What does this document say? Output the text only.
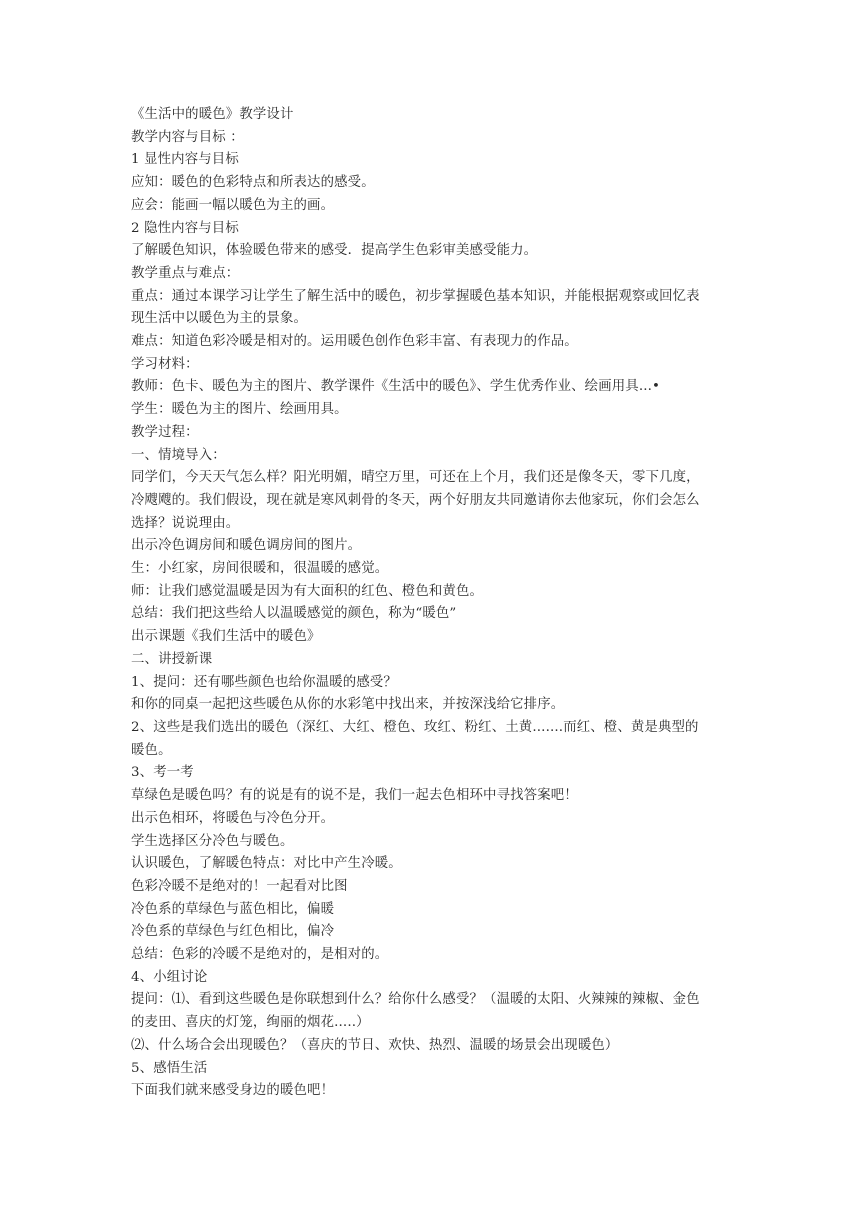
《生活中的暖色》教学设计
教学内容与目标 ：
1 显性内容与目标
应知：暖色的色彩特点和所表达的感受。
应会：能画一幅以暖色为主的画。
2 隐性内容与目标
了解暖色知识，体验暖色带来的感受．提高学生色彩审美感受能力。
教学重点与难点：
重点：通过本课学习让学生了解生活中的暖色，初步掌握暖色基本知识，并能根据观察或回忆表
现生活中以暖色为主的景象。
难点：知道色彩冷暖是相对的。运用暖色创作色彩丰富、有表现力的作品。
学习材料：
教师：色卡、暖色为主的图片、教学课件《生活中的暖色》、学生优秀作业、绘画用具...•
学生：暖色为主的图片、绘画用具。
教学过程：
一、情境导入：
同学们，今天天气怎么样？阳光明媚，晴空万里，可还在上个月，我们还是像冬天，零下几度，
冷飕飕的。我们假设，现在就是寒风刺骨的冬天，两个好朋友共同邀请你去他家玩，你们会怎么
选择？说说理由。
出示冷色调房间和暖色调房间的图片。
生：小红家，房间很暖和，很温暖的感觉。
师：让我们感觉温暖是因为有大面积的红色、橙色和黄色。
总结：我们把这些给人以温暖感觉的颜色，称为“暖色”
出示课题《我们生活中的暖色》
二、讲授新课
1、提问：还有哪些颜色也给你温暖的感受？
和你的同桌一起把这些暖色从你的水彩笔中找出来，并按深浅给它排序。
2、这些是我们选出的暖色（深红、大红、橙色、玫红、粉红、土黄.......而红、橙、黄是典型的
暖色。
3、考一考
草绿色是暖色吗？有的说是有的说不是，我们一起去色相环中寻找答案吧！
出示色相环，将暖色与冷色分开。
学生选择区分冷色与暖色。
认识暖色，了解暖色特点：对比中产生冷暖。
色彩冷暖不是绝对的！一起看对比图
冷色系的草绿色与蓝色相比，偏暖
冷色系的草绿色与红色相比，偏冷
总结：色彩的冷暖不是绝对的，是相对的。
4、小组讨论
提问：⑴、看到这些暖色是你联想到什么？给你什么感受？（温暖的太阳、火辣辣的辣椒、金色
的麦田、喜庆的灯笼，绚丽的烟花.....）
⑵、什么场合会出现暖色？（喜庆的节日、欢快、热烈、温暖的场景会出现暖色）
5、感悟生活
下面我们就来感受身边的暖色吧！
